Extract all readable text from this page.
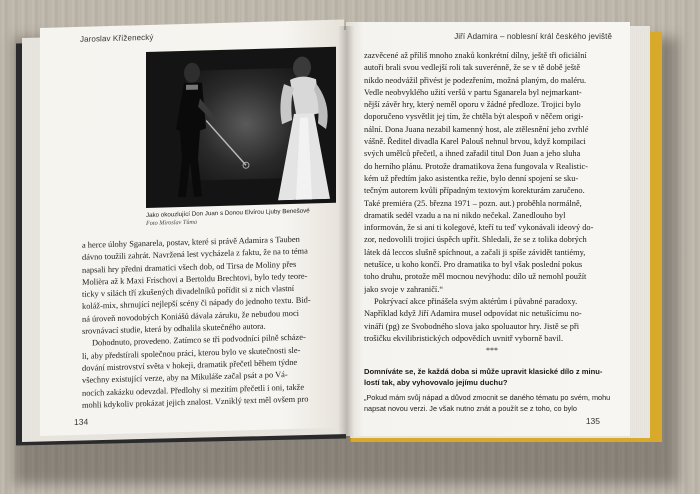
Jaroslav Kříženecký
Jako okouzlující Don Juan s Donou Elvírou Ljuby Benešové
Foto Miroslav Tůma
a herce úlohy Sganarela, postav, které si právě Adamira s Tauben
dávno toužili zahrát. Navržená lest vycházela z faktu, že na to téma
napsali hry předni dramatici všech dob, od Tirsa de Moliny přes
Molièra až k Maxi Frischovi a Bertoldu Brechtovi, bylo tedy teore-
ticky v silách tří zkušených divadelníků pořídit si z nich vlastní
koláž-mix, shrnující nejlepší scény či nápady do jednoho textu. Bid-
ná úroveň novodobých Koniášů dávala záruku, že nebudou moci
srovnávací studie, která by odhalila skutečného autora.
Dohodnuto, provedeno. Zatímco se tři podvodníci pilně scháze-
li, aby předstírali společnou práci, kterou bylo ve skutečnosti sle-
dování mistrovství světa v hokeji, dramatik přečetl během týdne
všechny existující verze, aby na Mikuláše začal psát a po Vá-
nocích zakázku odevzdal. Předlohy si mezitím přečetli i oni, takže
mohli kdykoliv prokázat jejich znalost. Vzniklý text měl ovšem pro
134
Jiří Adamira – noblesní král českého jeviště
zazvěcené až příliš mnoho znaků konkrétní dílny, ještě tři oficiální
autoři brali svou vedlejší roli tak suverénně, že se v tě době ještě
nikdo neodvážil přivést je podezřením, možná planým, do maléru.
Vedle neobvyklého užití veršů v partu Sganarela byl nejmarkant-
nější závěr hry, který neměl oporu v žádné předloze. Trojici bylo
doporučeno vysvětlit jej tím, že chtěla být alespoň v něčem origi-
nální. Dona Juana nezabil kamenný host, ale ztělesnění jeho zvrhlé
vášně. Ředitel divadla Karel Palouš nehnul brvou, když kompilaci
svých umělců přečetl, a ihned zařadil titul Don Juan a jeho sluha
do herního plánu. Protože dramatikova žena fungovala v Realistic-
kém už předtím jako asistentka režie, bylo denní spojení se sku-
tečným autorem kvůli případným textovým korekturám zaručeno.
Také premiéra (25. března 1971 – pozn. aut.) proběhla normálně,
dramatik sedél vzadu a na ni nikdo nečekal. Zanedlouho byl
informován, že si ani ti kolegové, kteří tu teď vykonávali ideový do-
zor, nedovolili trojici úspěch upřít. Shledali, že se z tolika dobrých
látek dá leccos slušně spíchnout, a začali ji spíše závidět tantiémy,
netušíce, u koho končí. Pro dramatika to byl však poslední pokus
toho druhu, protože měl mocnou nevýhodu: dílo už nemohl použít
jako svoje v zahraničí.“
Pokrývací akce přinášela svým aktérům i půvabné paradoxy.
Například když Jiří Adamira musel odpovídat nic netušícímu no-
vináři (pg) ze Svobodného slova jako spoluautor hry. Jistě se při
trošičku ekvilibristických odpovědích uvnitř vyborně bavil.
***
Domníváte se, že každá doba si může upravit klasické dílo z minu- lostí tak, aby vyhovovalo jejímu duchu?
„Pokud mám svůj nápad a důvod zmocnit se daného tématu po svém, mohu napsat novou verzi. Je však nutno znát a použít se z toho, co bylo
135
